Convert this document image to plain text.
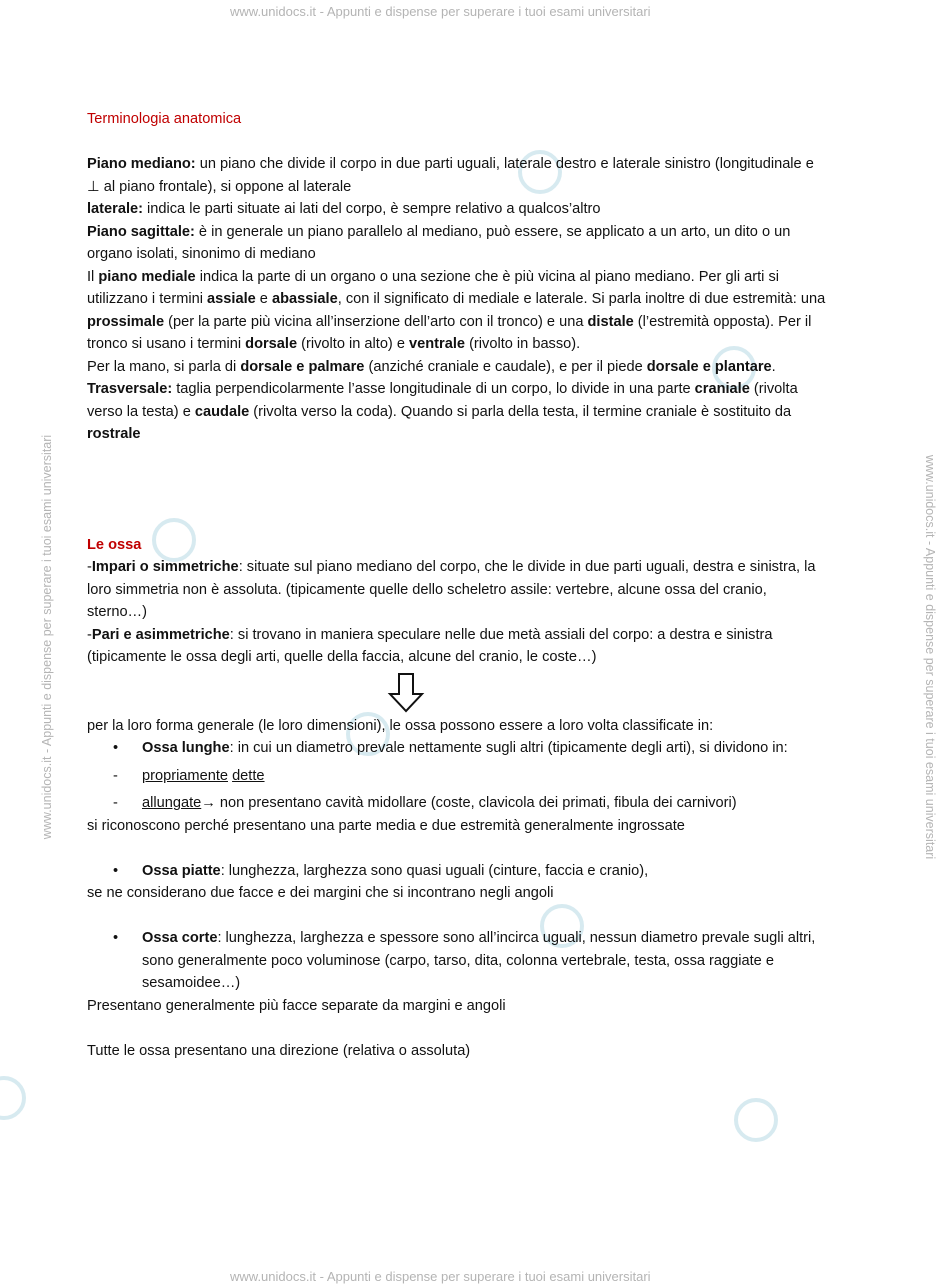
www.unidocs.it - Appunti e dispense per superare i tuoi esami universitari
www.unidocs.it - Appunti e dispense per superare i tuoi esami universitari
www.unidocs.it - Appunti e dispense per superare i tuoi esami universitari	www.unidocs.it - Appunti e dispense per superare i tuoi esami universitari

Terminologia anatomica

Piano mediano: un piano che divide il corpo in due parti uguali, laterale destro e laterale sinistro (longitudinale e ⊥ al piano frontale), si oppone al laterale

laterale: indica le parti situate ai lati del corpo, è sempre relativo a qualcos’altro

Piano sagittale: è in generale un piano parallelo al mediano, può essere, se applicato a un arto, un dito o un organo isolati, sinonimo di mediano

Il piano mediale indica la parte di un organo o una sezione che è più vicina al piano mediano. Per gli arti si utilizzano i termini assiale e abassiale, con il significato di mediale e laterale. Si parla inoltre di due estremità: una prossimale (per la parte più vicina all’inserzione dell’arto con il tronco) e una distale (l’estremità opposta). Per il tronco si usano i termini dorsale (rivolto in alto) e ventrale (rivolto in basso).

Per la mano, si parla di dorsale e palmare (anziché craniale e caudale), e per il piede dorsale e plantare.

Trasversale: taglia perpendicolarmente l’asse longitudinale di un corpo, lo divide in una parte craniale (rivolta verso la testa) e caudale (rivolta verso la coda). Quando si parla della testa, il termine craniale è sostituito da rostrale

Le ossa

-Impari o simmetriche: situate sul piano mediano del corpo, che le divide in due parti uguali, destra e sinistra, la loro simmetria non è assoluta. (tipicamente quelle dello scheletro assile: vertebre, alcune ossa del cranio, sterno…)

-Pari e asimmetriche: si trovano in maniera speculare nelle due metà assiali del corpo: a destra e sinistra (tipicamente le ossa degli arti, quelle della faccia, alcune del cranio, le coste…)

per la loro forma generale (le loro dimensioni), le ossa possono essere a loro volta classificate in:

• Ossa lunghe: in cui un diametro prevale nettamente sugli altri (tipicamente degli arti), si dividono in:
- propriamente dette
- allungate→ non presentano cavità midollare (coste, clavicola dei primati, fibula dei carnivori)

si riconoscono perché presentano una parte media e due estremità generalmente ingrossate

• Ossa piatte: lunghezza, larghezza sono quasi uguali (cinture, faccia e cranio),

se ne considerano due facce e dei margini che si incontrano negli angoli

• Ossa corte: lunghezza, larghezza e spessore sono all’incirca uguali, nessun diametro prevale sugli altri, sono generalmente poco voluminose (carpo, tarso, dita, colonna vertebrale, testa, ossa raggiate e sesamoidee…)

Presentano generalmente più facce separate da margini e angoli

Tutte le ossa presentano una direzione (relativa o assoluta)
